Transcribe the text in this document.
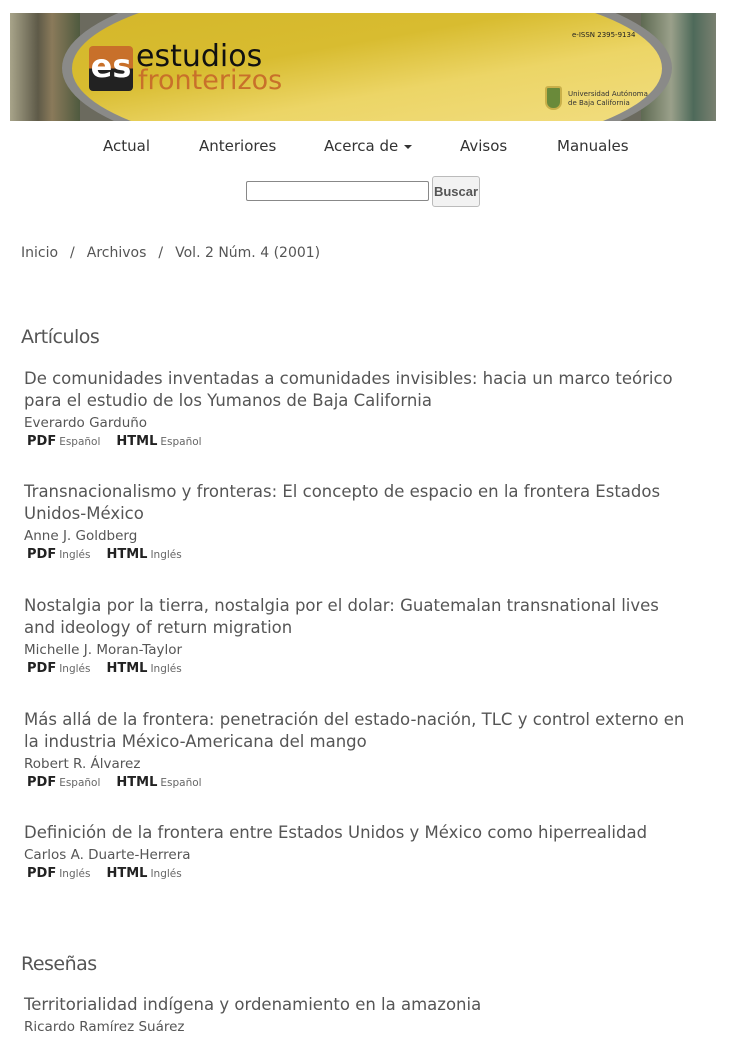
es estudios
fronterizos
e-ISSN 2395-9134
Universidad Autónoma
de Baja California
Actual	Anteriores	Acerca de	Avisos	Manuales
Buscar
Inicio / Archivos / Vol. 2 Núm. 4 (2001)
Artículos
De comunidades inventadas a comunidades invisibles: hacia un marco teórico para el estudio de los Yumanos de Baja California
Everardo Garduño
PDF Español HTML Español
Transnacionalismo y fronteras: El concepto de espacio en la frontera Estados Unidos-México
Anne J. Goldberg
PDF Inglés HTML Inglés
Nostalgia por la tierra, nostalgia por el dolar: Guatemalan transnational lives and ideology of return migration
Michelle J. Moran-Taylor
PDF Inglés HTML Inglés
Más allá de la frontera: penetración del estado-nación, TLC y control externo en la industria México-Americana del mango
Robert R. Álvarez
PDF Español HTML Español
Definición de la frontera entre Estados Unidos y México como hiperrealidad
Carlos A. Duarte-Herrera
PDF Inglés HTML Inglés
Reseñas
Territorialidad indígena y ordenamiento en la amazonia
Ricardo Ramírez Suárez
